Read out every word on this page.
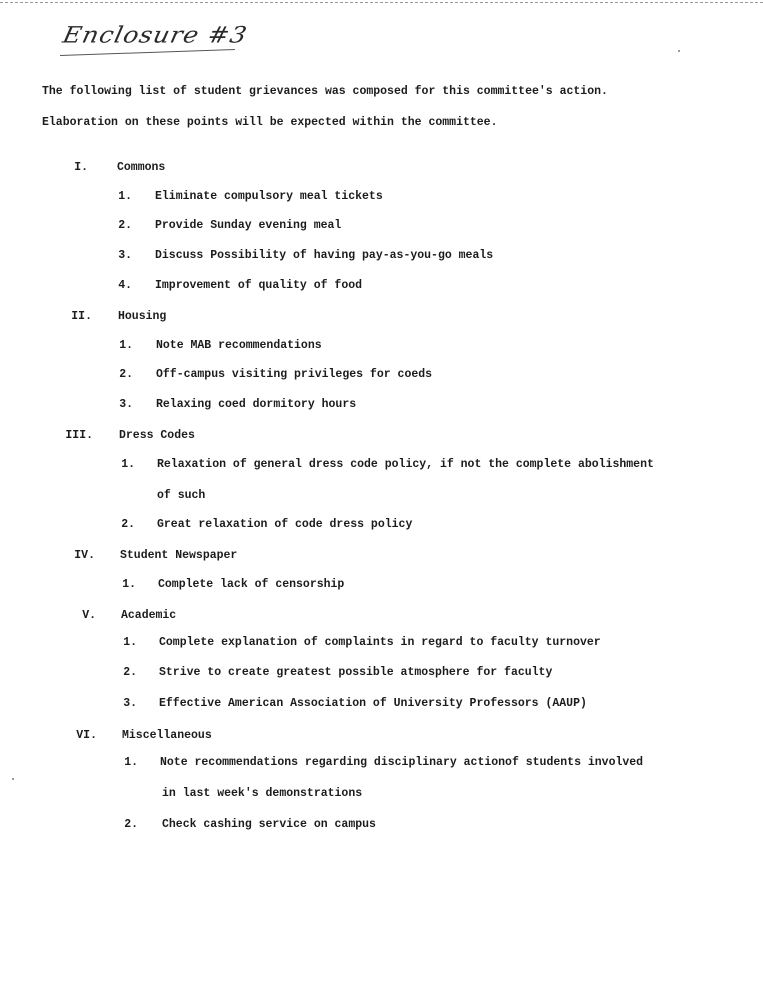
Enclosure #3
The following list of student grievances was composed for this committee's action.
Elaboration on these points will be expected within the committee.
I.	Commons
1. Eliminate compulsory meal tickets
2. Provide Sunday evening meal
3. Discuss Possibility of having pay-as-you-go meals
4. Improvement of quality of food
II. Housing
1. Note MAB recommendations
2. Off-campus visiting privileges for coeds
3. Relaxing coed dormitory hours
III. Dress Codes
1. Relaxation of general dress code policy, if not the complete abolishment
of such
2. Great relaxation of code dress policy
IV. Student Newspaper
1. Complete lack of censorship
V. Academic
1. Complete explanation of complaints in regard to faculty turnover
2. Strive to create greatest possible atmosphere for faculty
3. Effective American Association of University Professors (AAUP)
VI. Miscellaneous
1. Note recommendations regarding disciplinary actionof students involved
in last week's demonstrations
2. Check cashing service on campus
